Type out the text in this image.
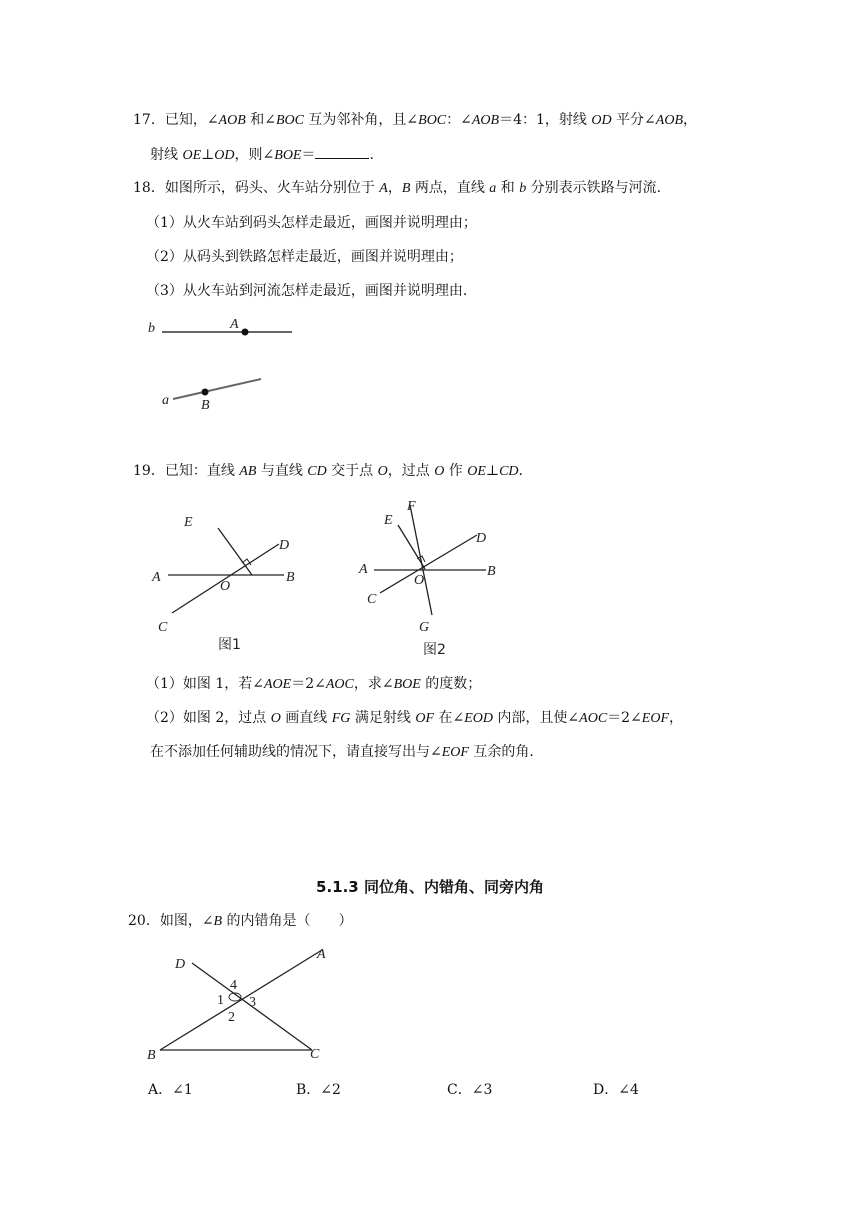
17．已知，∠AOB 和∠BOC 互为邻补角，且∠BOC：∠AOB＝4：1，射线 OD 平分∠AOB，
射线 OE⊥OD，则∠BOE＝	.
18．如图所示，码头、火车站分别位于 A，B 两点，直线 a 和 b 分别表示铁路与河流.
（1）从火车站到码头怎样走最近，画图并说明理由；
（2）从码头到铁路怎样走最近，画图并说明理由；
（3）从火车站到河流怎样走最近，画图并说明理由.
b	A
a B
19．已知：直线 AB 与直线 CD 交于点 O，过点 O 作 OE⊥CD.
E
D
A
O
B
C
图1
E
F
D
A
O
B
C
G
图2
（1）如图 1，若∠AOE＝2∠AOC，求∠BOE 的度数；
（2）如图 2，过点 O 画直线 FG 满足射线 OF 在∠EOD 内部，且使∠AOC＝2∠EOF，
在不添加任何辅助线的情况下，请直接写出与∠EOF 互余的角.
5.1.3 同位角、内错角、同旁内角
20．如图，∠B 的内错角是（　　）
D
A
B	C
1
2
3
4
A．∠1	B．∠2	C．∠3	D．∠4
